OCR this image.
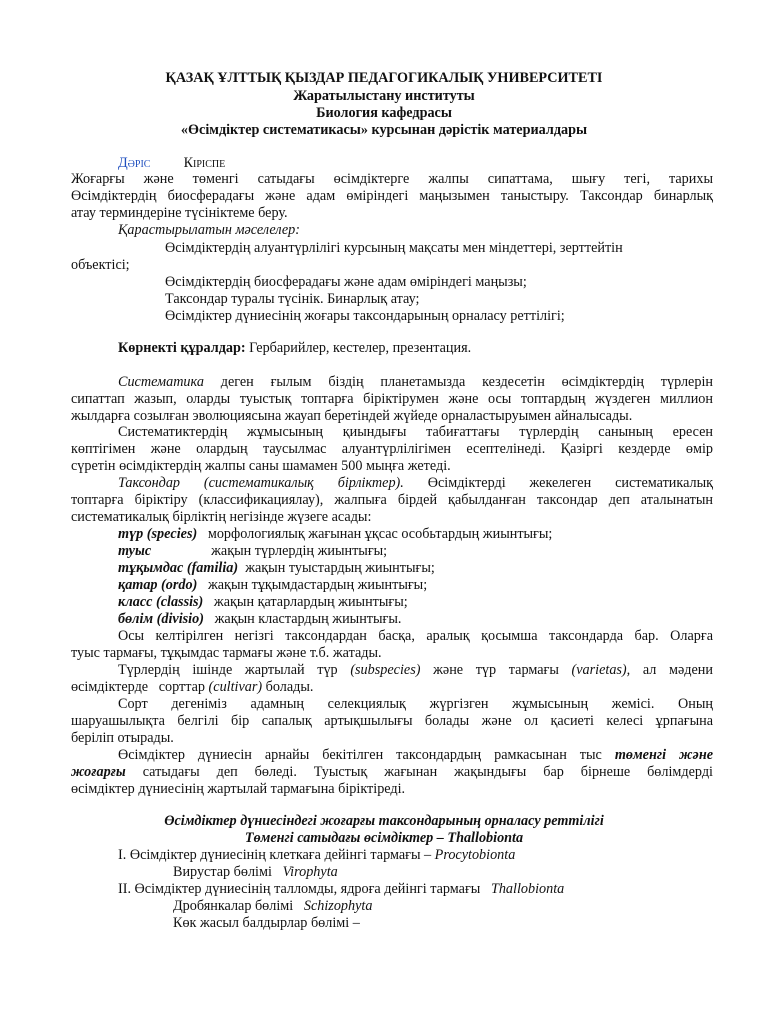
ҚАЗАҚ ҰЛТТЫҚ ҚЫЗДАР ПЕДАГОГИКАЛЫҚ УНИВЕРСИТЕТІ
Жаратылыстану институты
Биология кафедрасы
«Өсімдіктер систематикасы» курсынан дәрістік материалдары
Дәріс Кіріспе
Жоғарғы және төменгі сатыдағы өсімдіктерге жалпы сипаттама, шығу тегі, тарихы
Өсімдіктердің биосферадағы және адам өміріндегі маңызымен таныстыру. Таксондар бинарлық
атау терминдеріне түсініктеме беру.
Қарастырылатын мәселелер:
Өсімдіктердің алуантүрлілігі курсының мақсаты мен міндеттері, зерттейтін
объектісі;
Өсімдіктердің биосферадағы және адам өміріндегі маңызы;
Таксондар туралы түсінік. Бинарлық атау;
Өсімдіктер дүниесінің жоғары таксондарының орналасу реттілігі;
Көрнекті құралдар: Гербарийлер, кестелер, презентация.
Систематика деген ғылым біздің планетамызда кездесетін өсімдіктердің түрлерін
сипаттап жазып, оларды туыстық топтарға біріктірумен және осы топтардың жүздеген миллион
жылдарға созылған эволюциясына жауап беретіндей жүйеде орналастыруымен айналысады.
Систематиктердің жұмысының қиындығы табиғаттағы түрлердің санының ересен
көптігімен және олардың таусылмас алуантүрлілігімен есептелінеді. Қазіргі кездерде өмір
сүретін өсімдіктердің жалпы саны шамамен 500 мыңға жетеді.
Таксондар (систематикалық бірліктер). Өсімдіктерді жекелеген систематикалық
топтарға біріктіру (классификациялау), жалпыға бірдей қабылданған таксондар деп аталынатын
систематикалық бірліктің негізінде жүзеге асады:
түр (species)   морфологиялық жағынан ұқсас особьтардың жиынтығы;
туыс	жақын түрлердің жиынтығы;
тұқымдас (familia)  жақын туыстардың жиынтығы;
қатар (ordo)   жақын тұқымдастардың жиынтығы;
класс (classis)   жақын қатарлардың жиынтығы;
бөлім (divisio)   жақын кластардың жиынтығы.
Осы келтірілген негізгі таксондардан басқа, аралық қосымша таксондарда бар. Оларға
туыс тармағы, тұқымдас тармағы және т.б. жатады.
Түрлердің ішінде жартылай түр (subspecies) және түр тармағы (varietas), ал мәдени
өсімдіктерде   сорттар (cultivar) болады.
Сорт дегеніміз адамның селекциялық жүргізген жұмысының жемісі. Оның
шаруашылықта белгілі бір сапалық артықшылығы болады және ол қасиеті келесі ұрпағына
беріліп отырады.
Өсімдіктер дүниесін арнайы бекітілген таксондардың рамкасынан тыс төменгі және
жоғарғы сатыдағы деп бөледі. Туыстық жағынан жақындығы бар бірнеше бөлімдерді
өсімдіктер дүниесінің жартылай тармағына біріктіреді.
Өсімдіктер дүниесіндегі жоғарғы таксондарының орналасу реттілігі
Төменгі сатыдағы өсімдіктер – Thallobionta
I. Өсімдіктер дүниесінің клеткаға дейінгі тармағы – Procytobionta
Вирустар бөлімі   Virophyta
II. Өсімдіктер дүниесінің талломды, ядроға дейінгі тармағы   Thallobionta
Дробянкалар бөлімі   Schizophyta
Көк жасыл балдырлар бөлімі –
